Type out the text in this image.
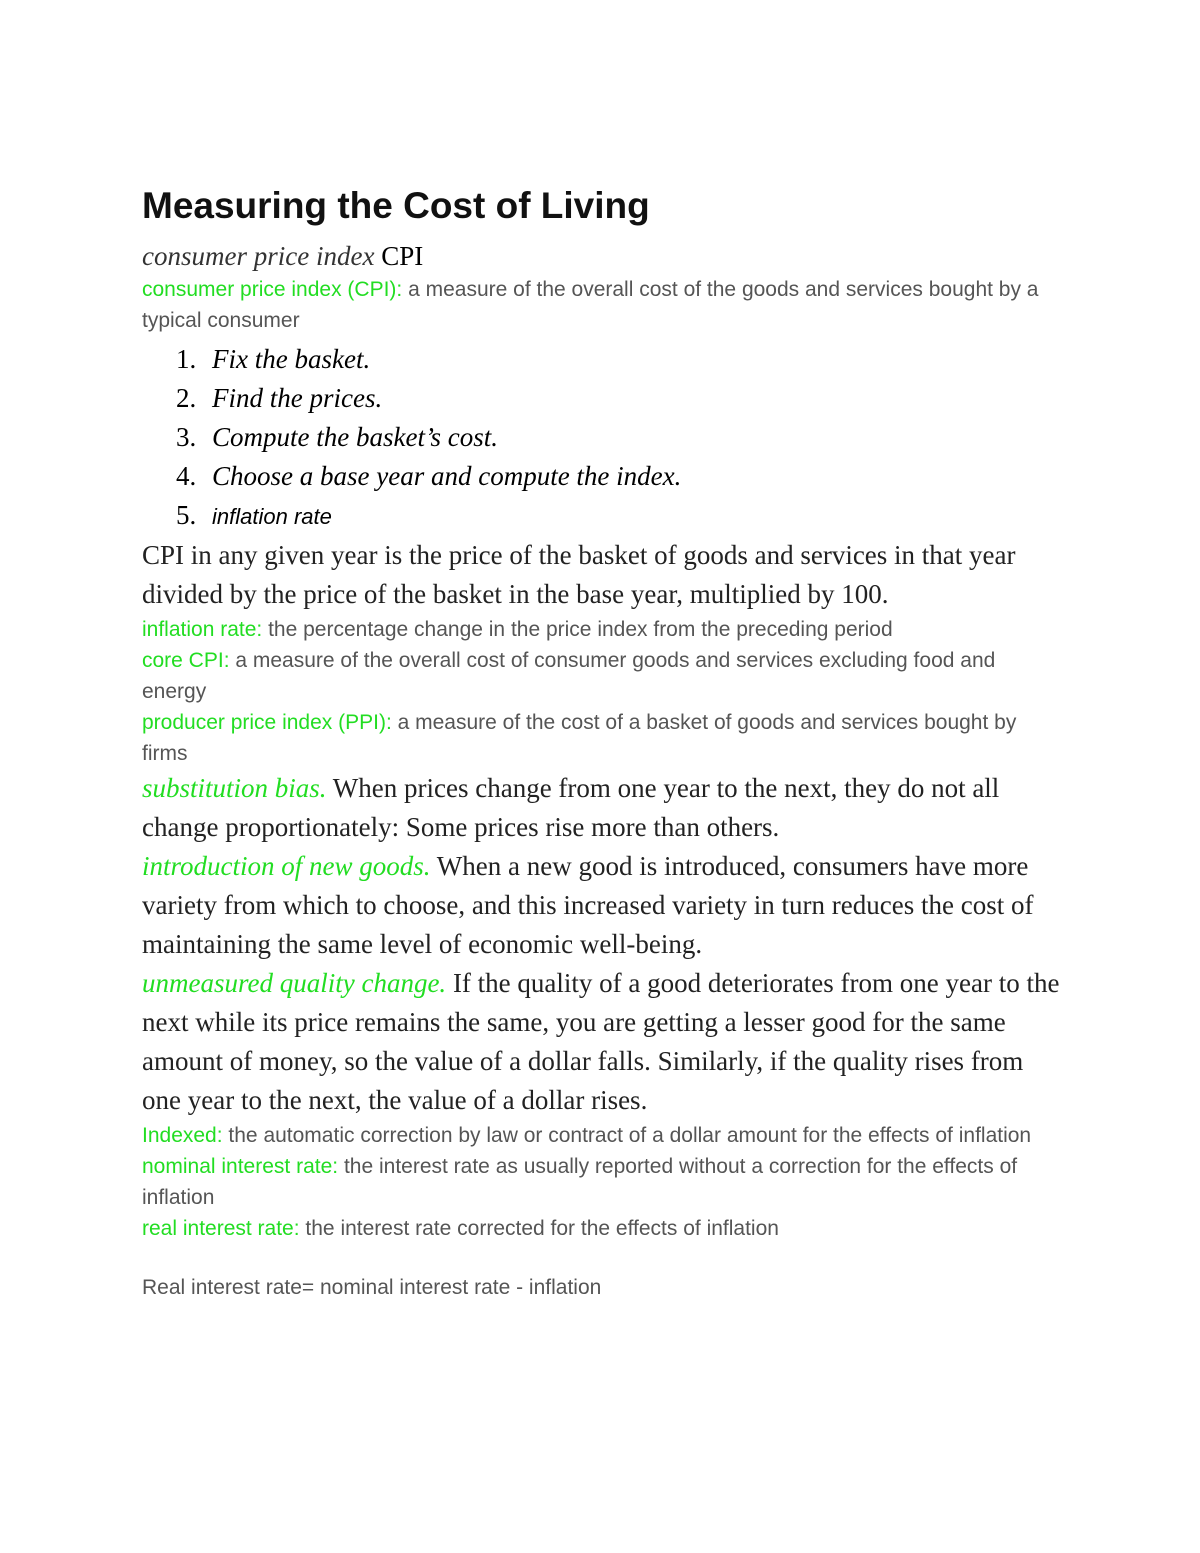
Measuring the Cost of Living
consumer price index CPI
consumer price index (CPI): a measure of the overall cost of the goods and services bought by a typical consumer
1. Fix the basket.
2. Find the prices.
3. Compute the basket’s cost.
4. Choose a base year and compute the index.
5. inflation rate
CPI in any given year is the price of the basket of goods and services in that year divided by the price of the basket in the base year, multiplied by 100.
inflation rate: the percentage change in the price index from the preceding period
core CPI: a measure of the overall cost of consumer goods and services excluding food and energy
producer price index (PPI): a measure of the cost of a basket of goods and services bought by firms
substitution bias. When prices change from one year to the next, they do not all change proportionately: Some prices rise more than others.
introduction of new goods. When a new good is introduced, consumers have more variety from which to choose, and this increased variety in turn reduces the cost of maintaining the same level of economic well-being.
unmeasured quality change. If the quality of a good deteriorates from one year to the next while its price remains the same, you are getting a lesser good for the same amount of money, so the value of a dollar falls. Similarly, if the quality rises from one year to the next, the value of a dollar rises.
Indexed: the automatic correction by law or contract of a dollar amount for the effects of inflation
nominal interest rate: the interest rate as usually reported without a correction for the effects of inflation
real interest rate: the interest rate corrected for the effects of inflation
Real interest rate= nominal interest rate - inflation
